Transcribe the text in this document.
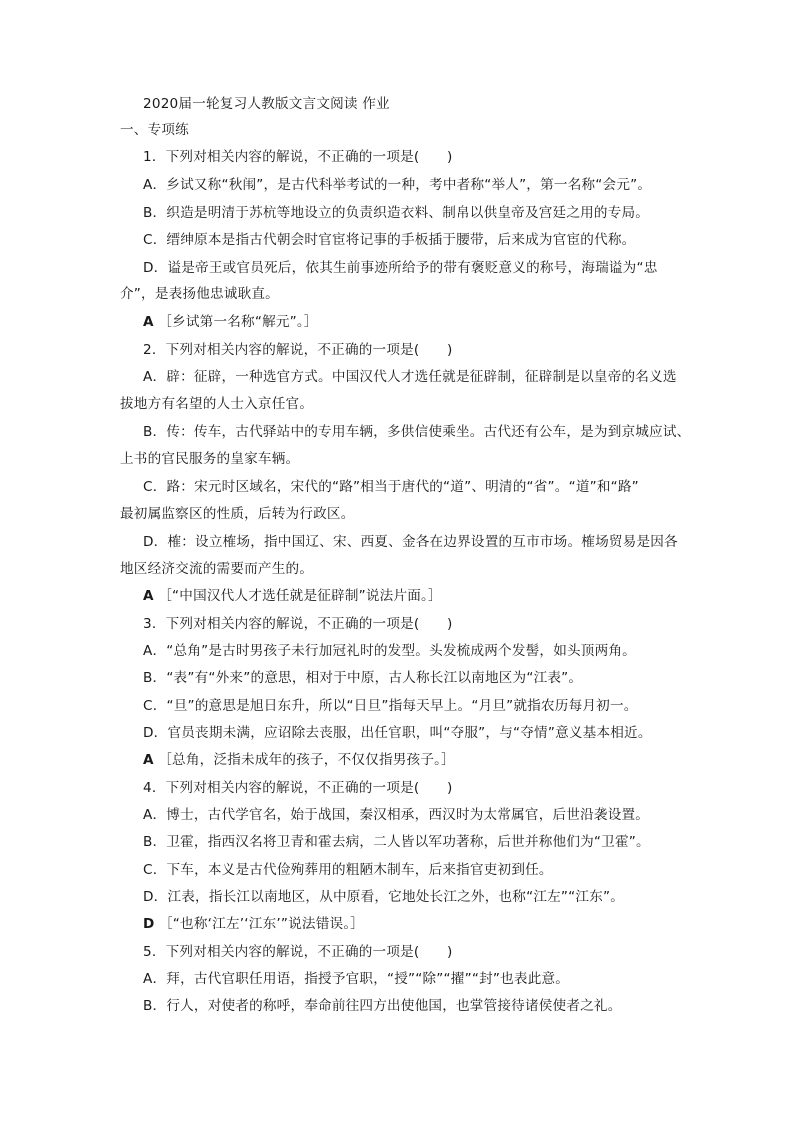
2020届一轮复习人教版文言文阅读 作业
一、专项练
1．下列对相关内容的解说，不正确的一项是(　　)
A．乡试又称“秋闱”，是古代科举考试的一种，考中者称“举人”，第一名称“会元”。
B．织造是明清于苏杭等地设立的负责织造衣料、制帛以供皇帝及宫廷之用的专局。
C．缙绅原本是指古代朝会时官宦将记事的手板插于腰带，后来成为官宦的代称。
D．谥是帝王或官员死后，依其生前事迹所给予的带有褒贬意义的称号，海瑞谥为“忠
介”，是表扬他忠诚耿直。
A ［乡试第一名称“解元”。］
2．下列对相关内容的解说，不正确的一项是(　　)
A．辟：征辟，一种选官方式。中国汉代人才选任就是征辟制，征辟制是以皇帝的名义选
拔地方有名望的人士入京任官。
B．传：传车，古代驿站中的专用车辆，多供信使乘坐。古代还有公车，是为到京城应试、
上书的官民服务的皇家车辆。
C．路：宋元时区域名，宋代的“路”相当于唐代的“道”、明清的“省”。“道”和“路”
最初属监察区的性质，后转为行政区。
D．榷：设立榷场，指中国辽、宋、西夏、金各在边界设置的互市市场。榷场贸易是因各
地区经济交流的需要而产生的。
A ［“中国汉代人才选任就是征辟制”说法片面。］
3．下列对相关内容的解说，不正确的一项是(　　)
A．“总角”是古时男孩子未行加冠礼时的发型。头发梳成两个发髻，如头顶两角。
B．“表”有“外来”的意思，相对于中原，古人称长江以南地区为“江表”。
C．“旦”的意思是旭日东升，所以“日旦”指每天早上。“月旦”就指农历每月初一。
D．官员丧期未满，应诏除去丧服，出任官职，叫“夺服”，与“夺情”意义基本相近。
A ［总角，泛指未成年的孩子，不仅仅指男孩子。］
4．下列对相关内容的解说，不正确的一项是(　　)
A．博士，古代学官名，始于战国，秦汉相承，西汉时为太常属官，后世沿袭设置。
B．卫霍，指西汉名将卫青和霍去病，二人皆以军功著称，后世并称他们为“卫霍”。
C．下车，本义是古代俭殉葬用的粗陋木制车，后来指官吏初到任。
D．江表，指长江以南地区，从中原看，它地处长江之外，也称“江左”“江东”。
D ［“也称‘江左’‘江东’”说法错误。］
5．下列对相关内容的解说，不正确的一项是(　　)
A．拜，古代官职任用语，指授予官职，“授”“除”“擢”“封”也表此意。
B．行人，对使者的称呼，奉命前往四方出使他国，也掌管接待诸侯使者之礼。
